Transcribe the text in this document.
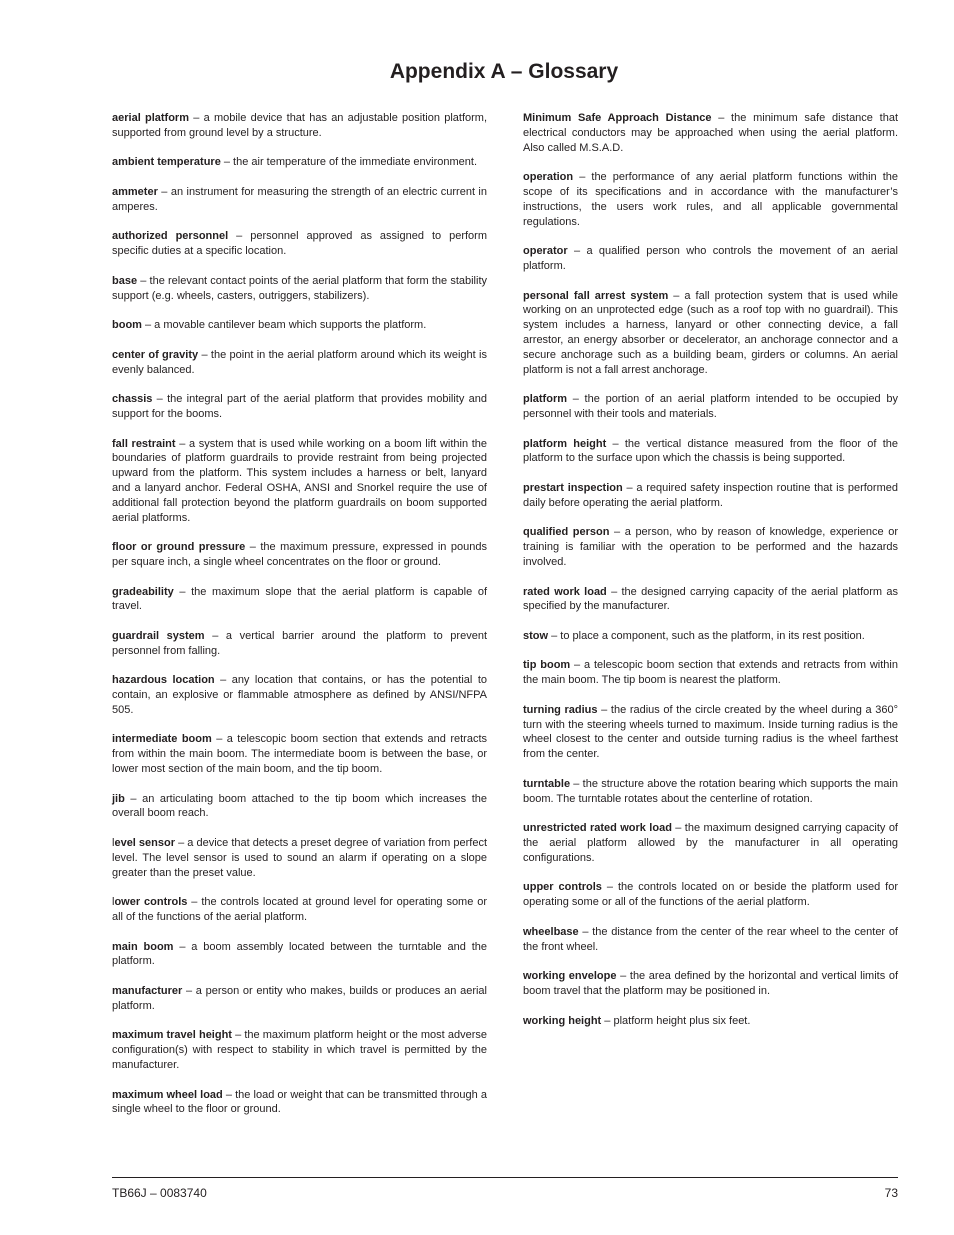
Appendix A – Glossary

aerial platform – a mobile device that has an adjustable position platform, supported from ground level by a structure.

ambient temperature – the air temperature of the immediate environment.

ammeter – an instrument for measuring the strength of an electric current in amperes.

authorized personnel – personnel approved as assigned to perform specific duties at a specific location.

base – the relevant contact points of the aerial platform that form the stability support (e.g. wheels, casters, outriggers, stabilizers).

boom – a movable cantilever beam which supports the platform.

center of gravity – the point in the aerial platform around which its weight is evenly balanced.

chassis – the integral part of the aerial platform that provides mobility and support for the booms.

fall restraint – a system that is used while working on a boom lift within the boundaries of platform guardrails to provide restraint from being projected upward from the platform. This system includes a harness or belt, lanyard and a lanyard anchor. Federal OSHA, ANSI and Snorkel require the use of additional fall protection beyond the platform guardrails on boom supported aerial platforms.

floor or ground pressure – the maximum pressure, expressed in pounds per square inch, a single wheel concentrates on the floor or ground.

gradeability – the maximum slope that the aerial platform is capable of travel.

guardrail system – a vertical barrier around the platform to prevent personnel from falling.

hazardous location – any location that contains, or has the potential to contain, an explosive or flammable atmosphere as defined by ANSI/NFPA 505.

intermediate boom – a telescopic boom section that extends and retracts from within the main boom. The intermediate boom is between the base, or lower most section of the main boom, and the tip boom.

jib – an articulating boom attached to the tip boom which increases the overall boom reach.

level sensor – a device that detects a preset degree of variation from perfect level. The level sensor is used to sound an alarm if operating on a slope greater than the preset value.

lower controls – the controls located at ground level for operating some or all of the functions of the aerial platform.

main boom – a boom assembly located between the turntable and the platform.

manufacturer – a person or entity who makes, builds or produces an aerial platform.

maximum travel height – the maximum platform height or the most adverse configuration(s) with respect to stability in which travel is permitted by the manufacturer.

maximum wheel load – the load or weight that can be transmitted through a single wheel to the floor or ground.

Minimum Safe Approach Distance – the minimum safe distance that electrical conductors may be approached when using the aerial platform. Also called M.S.A.D.

operation – the performance of any aerial platform functions within the scope of its specifications and in accordance with the manufacturer’s instructions, the users work rules, and all applicable governmental regulations.

operator – a qualified person who controls the movement of an aerial platform.

personal fall arrest system – a fall protection system that is used while working on an unprotected edge (such as a roof top with no guardrail). This system includes a harness, lanyard or other connecting device, a fall arrestor, an energy absorber or decelerator, an anchorage connector and a secure anchorage such as a building beam, girders or columns. An aerial platform is not a fall arrest anchorage.

platform – the portion of an aerial platform intended to be occupied by personnel with their tools and materials.

platform height – the vertical distance measured from the floor of the platform to the surface upon which the chassis is being supported.

prestart inspection – a required safety inspection routine that is performed daily before operating the aerial platform.

qualified person – a person, who by reason of knowledge, experience or training is familiar with the operation to be performed and the hazards involved.

rated work load – the designed carrying capacity of the aerial platform as specified by the manufacturer.

stow – to place a component, such as the platform, in its rest position.

tip boom – a telescopic boom section that extends and retracts from within the main boom. The tip boom is nearest the platform.

turning radius – the radius of the circle created by the wheel during a 360° turn with the steering wheels turned to maximum. Inside turning radius is the wheel closest to the center and outside turning radius is the wheel farthest from the center.

turntable – the structure above the rotation bearing which supports the main boom. The turntable rotates about the centerline of rotation.

unrestricted rated work load – the maximum designed carrying capacity of the aerial platform allowed by the manufacturer in all operating configurations.

upper controls – the controls located on or beside the platform used for operating some or all of the functions of the aerial platform.

wheelbase – the distance from the center of the rear wheel to the center of the front wheel.

working envelope – the area defined by the horizontal and vertical limits of boom travel that the platform may be positioned in.

working height – platform height plus six feet.

TB66J – 0083740	73
